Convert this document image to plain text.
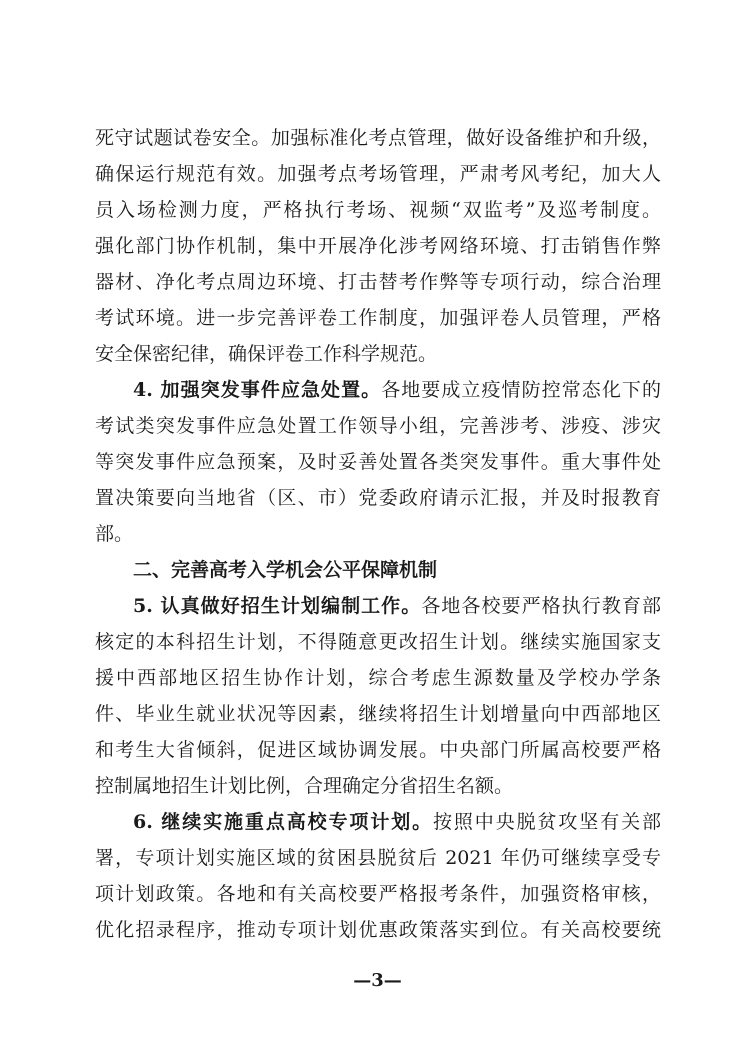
死守试题试卷安全。加强标准化考点管理，做好设备维护和升级，
确保运行规范有效。加强考点考场管理，严肃考风考纪，加大人
员入场检测力度，严格执行考场、视频“双监考”及巡考制度。
强化部门协作机制，集中开展净化涉考网络环境、打击销售作弊
器材、净化考点周边环境、打击替考作弊等专项行动，综合治理
考试环境。进一步完善评卷工作制度，加强评卷人员管理，严格
安全保密纪律，确保评卷工作科学规范。
4. 加强突发事件应急处置。各地要成立疫情防控常态化下的
考试类突发事件应急处置工作领导小组，完善涉考、涉疫、涉灾
等突发事件应急预案，及时妥善处置各类突发事件。重大事件处
置决策要向当地省（区、市）党委政府请示汇报，并及时报教育
部。
二、完善高考入学机会公平保障机制
5. 认真做好招生计划编制工作。各地各校要严格执行教育部
核定的本科招生计划，不得随意更改招生计划。继续实施国家支
援中西部地区招生协作计划，综合考虑生源数量及学校办学条
件、毕业生就业状况等因素，继续将招生计划增量向中西部地区
和考生大省倾斜，促进区域协调发展。中央部门所属高校要严格
控制属地招生计划比例，合理确定分省招生名额。
6. 继续实施重点高校专项计划。按照中央脱贫攻坚有关部
署，专项计划实施区域的贫困县脱贫后 2021 年仍可继续享受专
项计划政策。各地和有关高校要严格报考条件，加强资格审核，
优化招录程序，推动专项计划优惠政策落实到位。有关高校要统
—3—
